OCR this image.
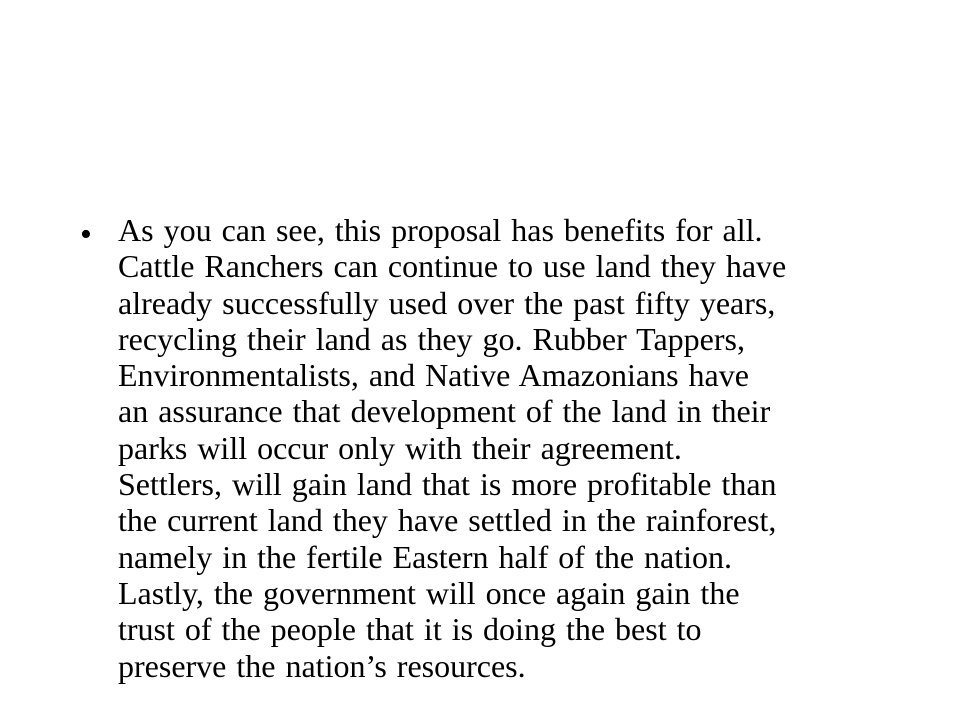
• As you can see, this proposal has benefits for all.
Cattle Ranchers can continue to use land they have
already successfully used over the past fifty years,
recycling their land as they go. Rubber Tappers,
Environmentalists, and Native Amazonians have
an assurance that development of the land in their
parks will occur only with their agreement.
Settlers, will gain land that is more profitable than
the current land they have settled in the rainforest,
namely in the fertile Eastern half of the nation.
Lastly, the government will once again gain the
trust of the people that it is doing the best to
preserve the nation’s resources.
